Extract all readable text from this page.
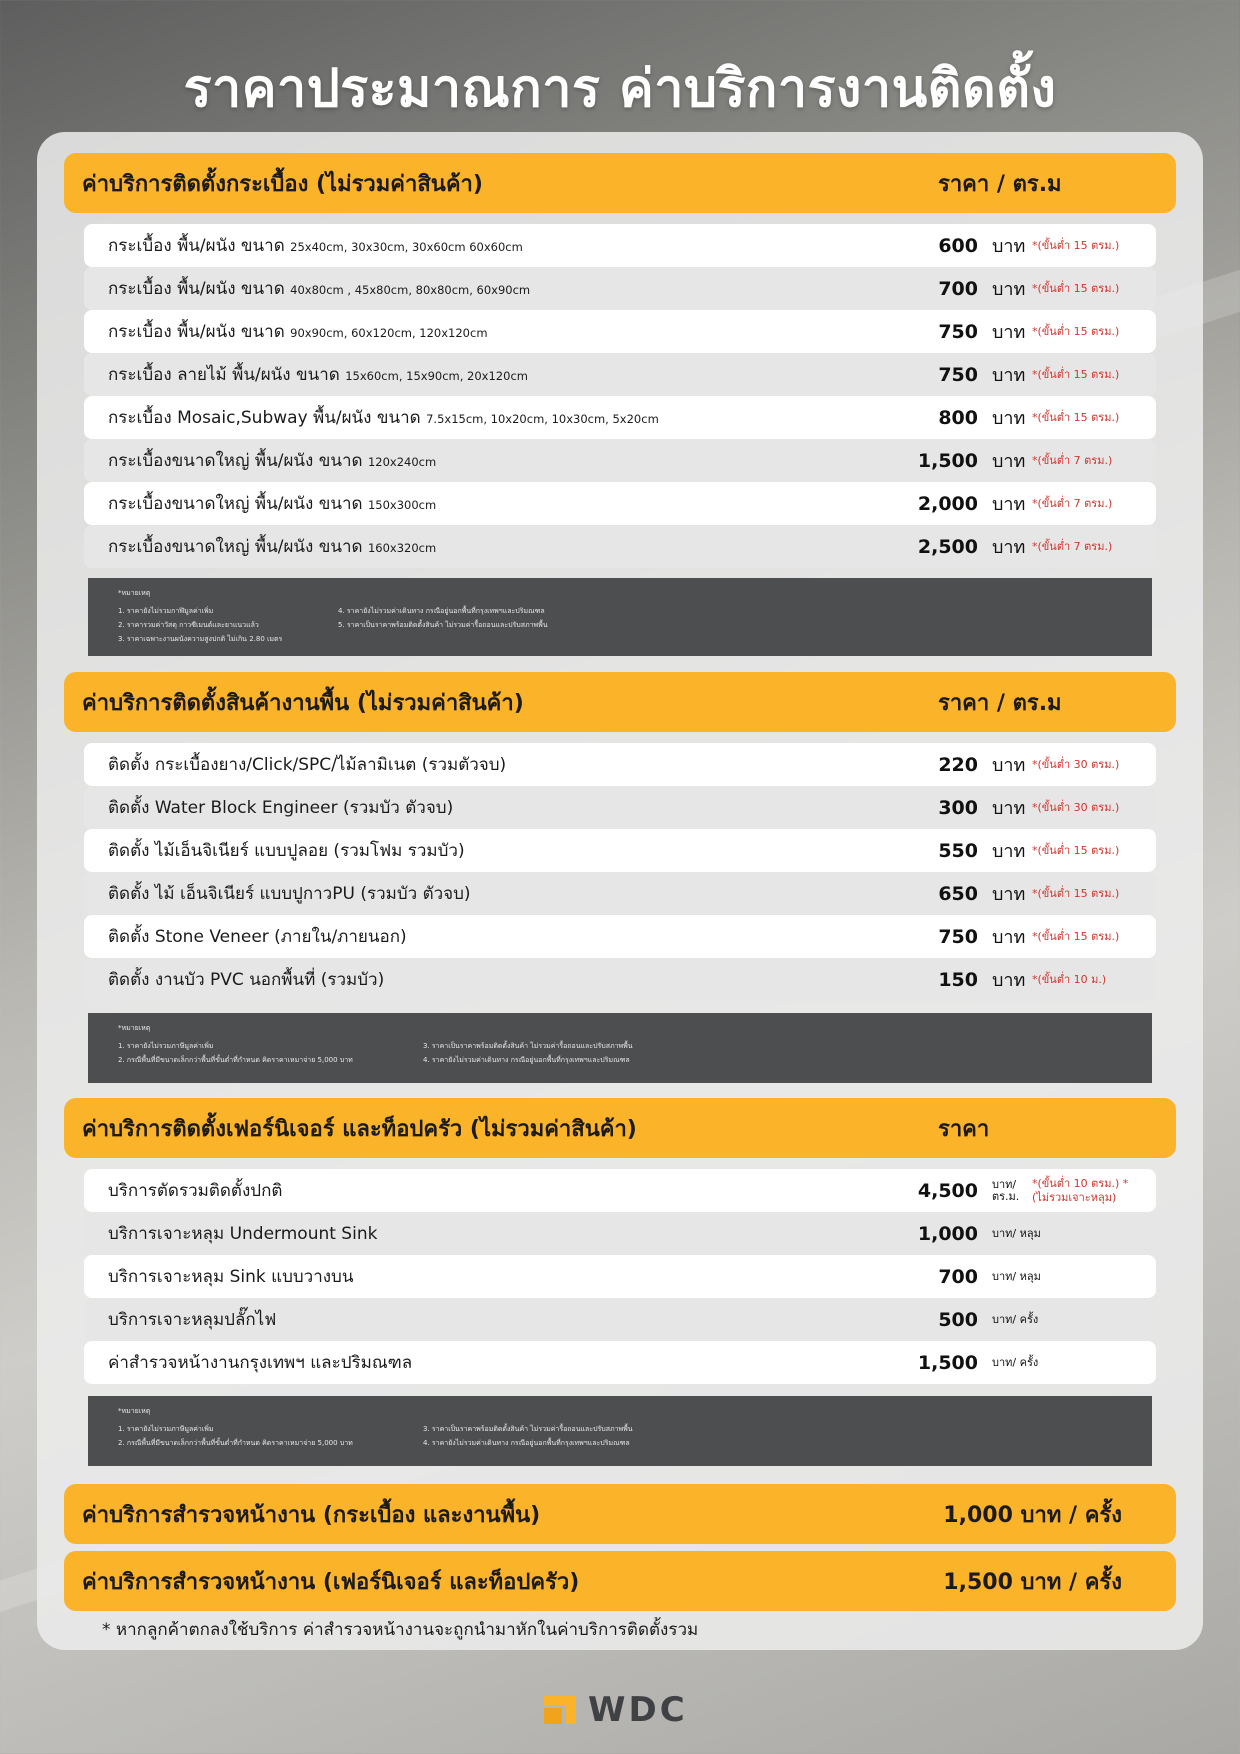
ราคาประมาณการ ค่าบริการงานติดตั้ง
ค่าบริการติดตั้งกระเบื้อง (ไม่รวมค่าสินค้า)	ราคา / ตร.ม
กระเบื้อง พื้น/ผนัง ขนาด 25x40cm, 30x30cm, 30x60cm 60x60cm	600 บาท *(ขั้นต่ำ 15 ตรม.)
กระเบื้อง พื้น/ผนัง ขนาด 40x80cm , 45x80cm, 80x80cm, 60x90cm	700 บาท *(ขั้นต่ำ 15 ตรม.)
กระเบื้อง พื้น/ผนัง ขนาด 90x90cm, 60x120cm, 120x120cm	750 บาท *(ขั้นต่ำ 15 ตรม.)
กระเบื้อง ลายไม้ พื้น/ผนัง ขนาด 15x60cm, 15x90cm, 20x120cm	750 บาท *(ขั้นต่ำ 15 ตรม.)
กระเบื้อง Mosaic,Subway พื้น/ผนัง ขนาด 7.5x15cm, 10x20cm, 10x30cm, 5x20cm	800 บาท *(ขั้นต่ำ 15 ตรม.)
กระเบื้องขนาดใหญ่ พื้น/ผนัง ขนาด 120x240cm	1,500 บาท *(ขั้นต่ำ 7 ตรม.)
กระเบื้องขนาดใหญ่ พื้น/ผนัง ขนาด 150x300cm	2,000 บาท *(ขั้นต่ำ 7 ตรม.)
กระเบื้องขนาดใหญ่ พื้น/ผนัง ขนาด 160x320cm	2,500 บาท *(ขั้นต่ำ 7 ตรม.)
*หมายเหตุ
1. ราคายังไม่รวมกาฬิมูลค่าเพิ่ม
2. ราคารวมค่าวัสดุ กาวซีเมนต์และยาแนวแล้ว
3. ราคาเฉพาะงานผนังความสูงปกติ ไม่เกิน 2.80 เมตร
4. ราคายังไม่รวมค่าเดินทาง กรณีอยู่นอกพื้นที่กรุงเทพฯและปริมณฑล
5. ราคาเป็นราคาพร้อมติดตั้งสินค้า ไม่รวมค่ารื้อถอนและปรับสภาพพื้น
ค่าบริการติดตั้งสินค้างานพื้น (ไม่รวมค่าสินค้า)	ราคา / ตร.ม
ติดตั้ง กระเบื้องยาง/Click/SPC/ไม้ลามิเนต (รวมตัวจบ)	220 บาท *(ขั้นต่ำ 30 ตรม.)
ติดตั้ง Water Block Engineer (รวมบัว ตัวจบ)	300 บาท *(ขั้นต่ำ 30 ตรม.)
ติดตั้ง ไม้เอ็นจิเนียร์ แบบปูลอย (รวมโฟม รวมบัว)	550 บาท *(ขั้นต่ำ 15 ตรม.)
ติดตั้ง ไม้ เอ็นจิเนียร์ แบบปูกาวPU (รวมบัว ตัวจบ)	650 บาท *(ขั้นต่ำ 15 ตรม.)
ติดตั้ง Stone Veneer (ภายใน/ภายนอก)	750 บาท *(ขั้นต่ำ 15 ตรม.)
ติดตั้ง งานบัว PVC นอกพื้นที่ (รวมบัว)	150 บาท *(ขั้นต่ำ 10 ม.)
*หมายเหตุ
1. ราคายังไม่รวมภาษีมูลค่าเพิ่ม
2. กรณีพื้นที่มีขนาดเล็กกว่าพื้นที่ขั้นต่ำที่กำหนด คิดราคาเหมาจ่าย 5,000 บาท
3. ราคาเป็นราคาพร้อมติดตั้งสินค้า ไม่รวมค่ารื้อถอนและปรับสภาพพื้น
4. ราคายังไม่รวมค่าเดินทาง กรณีอยู่นอกพื้นที่กรุงเทพฯและปริมณฑล
ค่าบริการติดตั้งเฟอร์นิเจอร์ และท็อปครัว (ไม่รวมค่าสินค้า)	ราคา
บริการตัดรวมติดตั้งปกติ	4,500 บาท/ ตร.ม.
*(ขั้นต่ำ 10 ตรม.) *(ไม่รวมเจาะหลุม)
บริการเจาะหลุม Undermount Sink	1,000 บาท/ หลุม
บริการเจาะหลุม Sink แบบวางบน	700 บาท/ หลุม
บริการเจาะหลุมปลั๊กไฟ	500 บาท/ ครั้ง
ค่าสำรวจหน้างานกรุงเทพฯ และปริมณฑล	1,500 บาท/ ครั้ง
*หมายเหตุ
1. ราคายังไม่รวมภาษีมูลค่าเพิ่ม
2. กรณีพื้นที่มีขนาดเล็กกว่าพื้นที่ขั้นต่ำที่กำหนด คิดราคาเหมาจ่าย 5,000 บาท
3. ราคาเป็นราคาพร้อมติดตั้งสินค้า ไม่รวมค่ารื้อถอนและปรับสภาพพื้น
4. ราคายังไม่รวมค่าเดินทาง กรณีอยู่นอกพื้นที่กรุงเทพฯและปริมณฑล
ค่าบริการสำรวจหน้างาน (กระเบื้อง และงานพื้น)	1,000 บาท / ครั้ง
ค่าบริการสำรวจหน้างาน (เฟอร์นิเจอร์ และท็อปครัว)	1,500 บาท / ครั้ง
* หากลูกค้าตกลงใช้บริการ ค่าสำรวจหน้างานจะถูกนำมาหักในค่าบริการติดตั้งรวม
WDC
